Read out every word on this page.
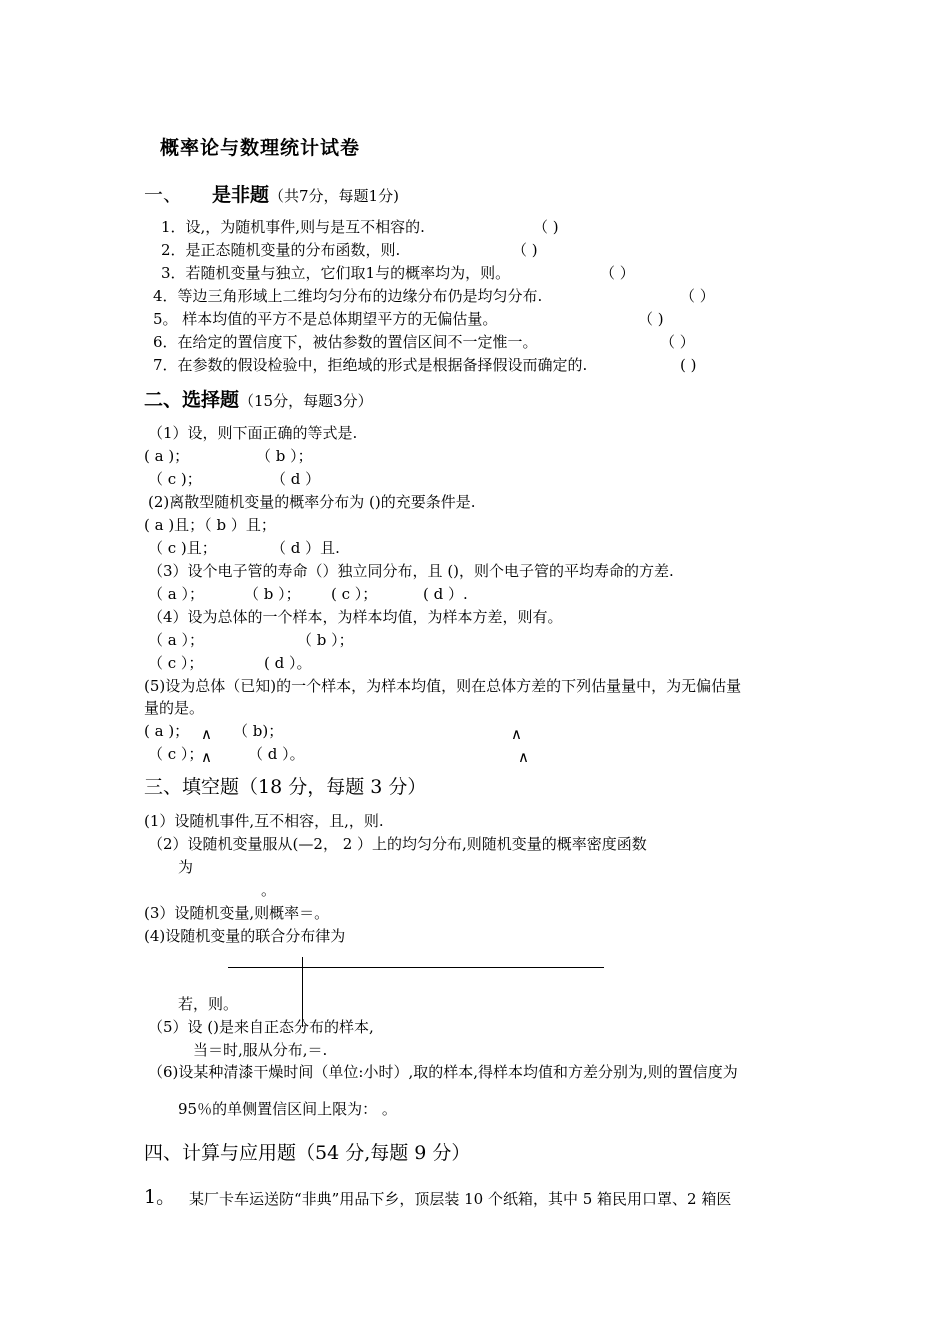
概率论与数理统计试卷
一、 是非题（共7分，每题1分)
1．设,，为随机事件,则与是互不相容的.	（ )
2．是正态随机变量的分布函数，则.	（ )
3．若随机变量与独立，它们取1与的概率均为，则。	（ ）
4．等边三角形域上二维均匀分布的边缘分布仍是均匀分布.	（ ）
5。 样本均值的平方不是总体期望平方的无偏估量。	（ )
6．在给定的置信度下，被估参数的置信区间不一定惟一。	（ ）
7．在参数的假设检验中，拒绝域的形式是根据备择假设而确定的.	( )
二、选择题（15分，每题3分）
（1）设，则下面正确的等式是.
( a )；	（ b ）；
（ c )；	（ d ）
(2)离散型随机变量的概率分布为 ()的充要条件是.
( a )且；（ b ）且；
（ c )且；	（ d ）且.
（3）设个电子管的寿命（）独立同分布，且 ()，则个电子管的平均寿命的方差.
（ a ）；	（ b ）； ( c ）；	( d ）.
（4）设为总体的一个样本，为样本均值，为样本方差，则有。
（ a ）；	（ b ）；
（ c ）；	( d ）。
(5)设为总体（已知)的一个样本，为样本均值，则在总体方差的下列估量量中，为无偏估量
量的是。
( a )；	（ b)；
（ c ）；	（ d ）。
∧
∧
∧
∧
三、填空题（18 分，每题 3 分）
(1）设随机事件,互不相容，且,，则.
（2）设随机变量服从(—2， 2 ）上的均匀分布,则随机变量的概率密度函数
为
。
(3）设随机变量,则概率＝。
(4)设随机变量的联合分布律为
若，则。
（5）设 ()是来自正态分布的样本,
当＝时,服从分布,＝.
（6)设某种清漆干燥时间（单位:小时）,取的样本,得样本均值和方差分别为,则的置信度为
95％的单侧置信区间上限为： 。
四、计算与应用题（54 分,每题 9 分）
1。 某厂卡车运送防“非典”用品下乡，顶层装 10 个纸箱，其中 5 箱民用口罩、2 箱医
